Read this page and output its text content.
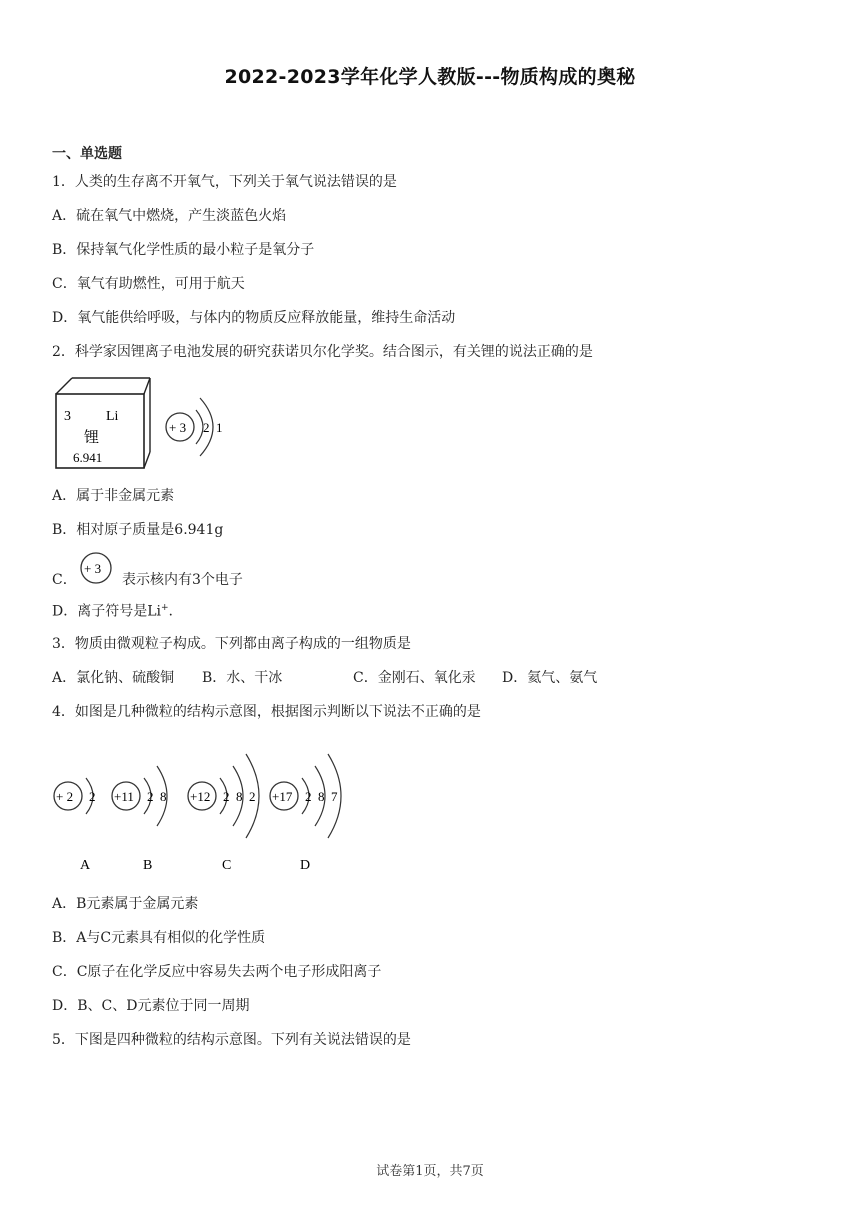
2022-2023学年化学人教版---物质构成的奥秘
一、单选题
1．人类的生存离不开氧气，下列关于氧气说法错误的是
A．硫在氧气中燃烧，产生淡蓝色火焰
B．保持氧气化学性质的最小粒子是氧分子
C．氧气有助燃性，可用于航天
D．氧气能供给呼吸，与体内的物质反应释放能量，维持生命活动
2．科学家因锂离子电池发展的研究获诺贝尔化学奖。结合图示，有关锂的说法正确的是
3	Li
锂
6.941
+ 3 2 1
A．属于非金属元素
B．相对原子质量是6.941g
C．
+ 3
表示核内有3个电子
D．离子符号是Li+.
3．物质由微观粒子构成。下列都由离子构成的一组物质是
A．氯化钠、硫酸铜 B．水、干冰	C．金刚石、氧化汞 D．氦气、氨气
4．如图是几种微粒的结构示意图，根据图示判断以下说法不正确的是
+ 2 2
A
+11 2 8
B
+12 2 8 2
C
+17 2 8 7
D
A．B元素属于金属元素
B．A与C元素具有相似的化学性质
C．C原子在化学反应中容易失去两个电子形成阳离子
D．B、C、D元素位于同一周期
5．下图是四种微粒的结构示意图。下列有关说法错误的是
试卷第1页，共7页
